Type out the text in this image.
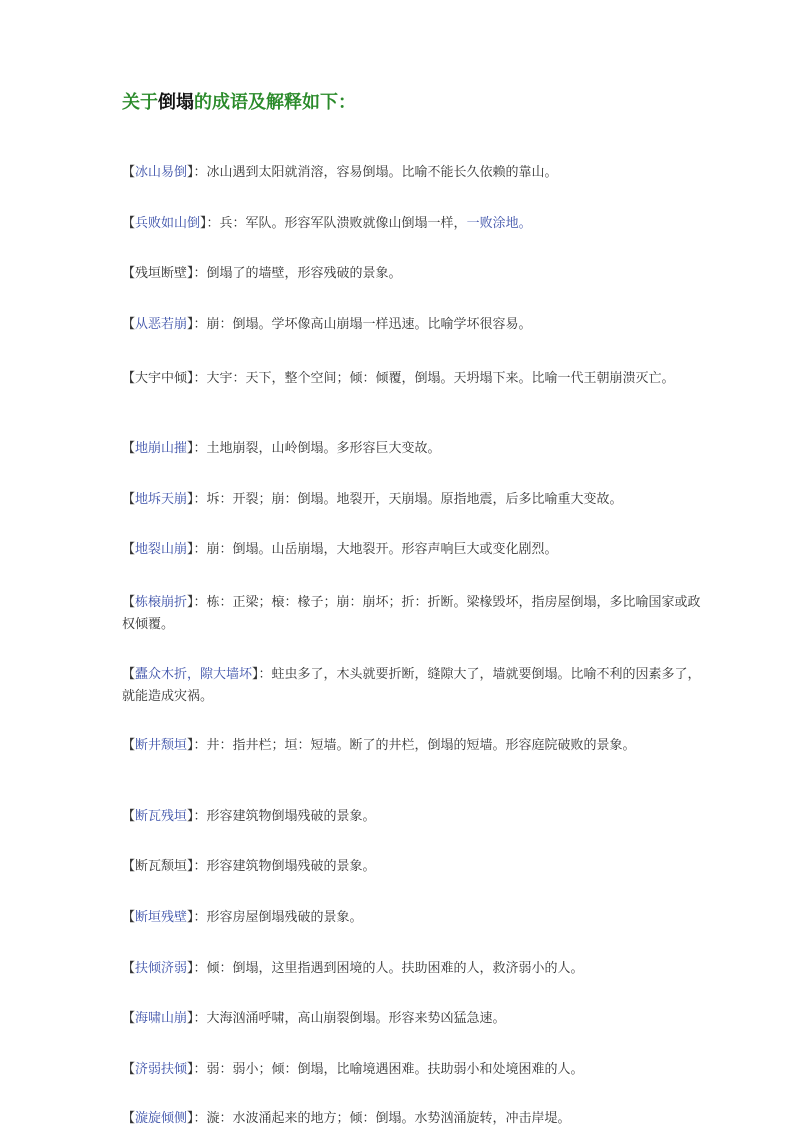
关于倒塌的成语及解释如下：
【冰山易倒】：冰山遇到太阳就消溶，容易倒塌。比喻不能长久依赖的靠山。
【兵败如山倒】：兵：军队。形容军队溃败就像山倒塌一样，一败涂地。
【残垣断壁】：倒塌了的墙壁，形容残破的景象。
【从恶若崩】：崩：倒塌。学坏像高山崩塌一样迅速。比喻学坏很容易。
【大宇中倾】：大宇：天下，整个空间；倾：倾覆，倒塌。天坍塌下来。比喻一代王朝崩溃灭亡。
【地崩山摧】：土地崩裂，山岭倒塌。多形容巨大变故。
【地坼天崩】：坼：开裂；崩：倒塌。地裂开，天崩塌。原指地震，后多比喻重大变故。
【地裂山崩】：崩：倒塌。山岳崩塌，大地裂开。形容声响巨大或变化剧烈。
【栋榱崩折】：栋：正梁；榱：椽子；崩：崩坏；折：折断。梁椽毁坏，指房屋倒塌，多比喻国家或政权倾覆。
【蠹众木折，隙大墙坏】：蛀虫多了，木头就要折断，缝隙大了，墙就要倒塌。比喻不利的因素多了，就能造成灾祸。
【断井颓垣】：井：指井栏；垣：短墙。断了的井栏，倒塌的短墙。形容庭院破败的景象。
【断瓦残垣】：形容建筑物倒塌残破的景象。
【断瓦颓垣】：形容建筑物倒塌残破的景象。
【断垣残壁】：形容房屋倒塌残破的景象。
【扶倾济弱】：倾：倒塌，这里指遇到困境的人。扶助困难的人，救济弱小的人。
【海啸山崩】：大海汹涌呼啸，高山崩裂倒塌。形容来势凶猛急速。
【济弱扶倾】：弱：弱小；倾：倒塌，比喻境遇困难。扶助弱小和处境困难的人。
【漩旋倾侧】：漩：水波涌起来的地方；倾：倒塌。水势汹涌旋转，冲击岸堤。
